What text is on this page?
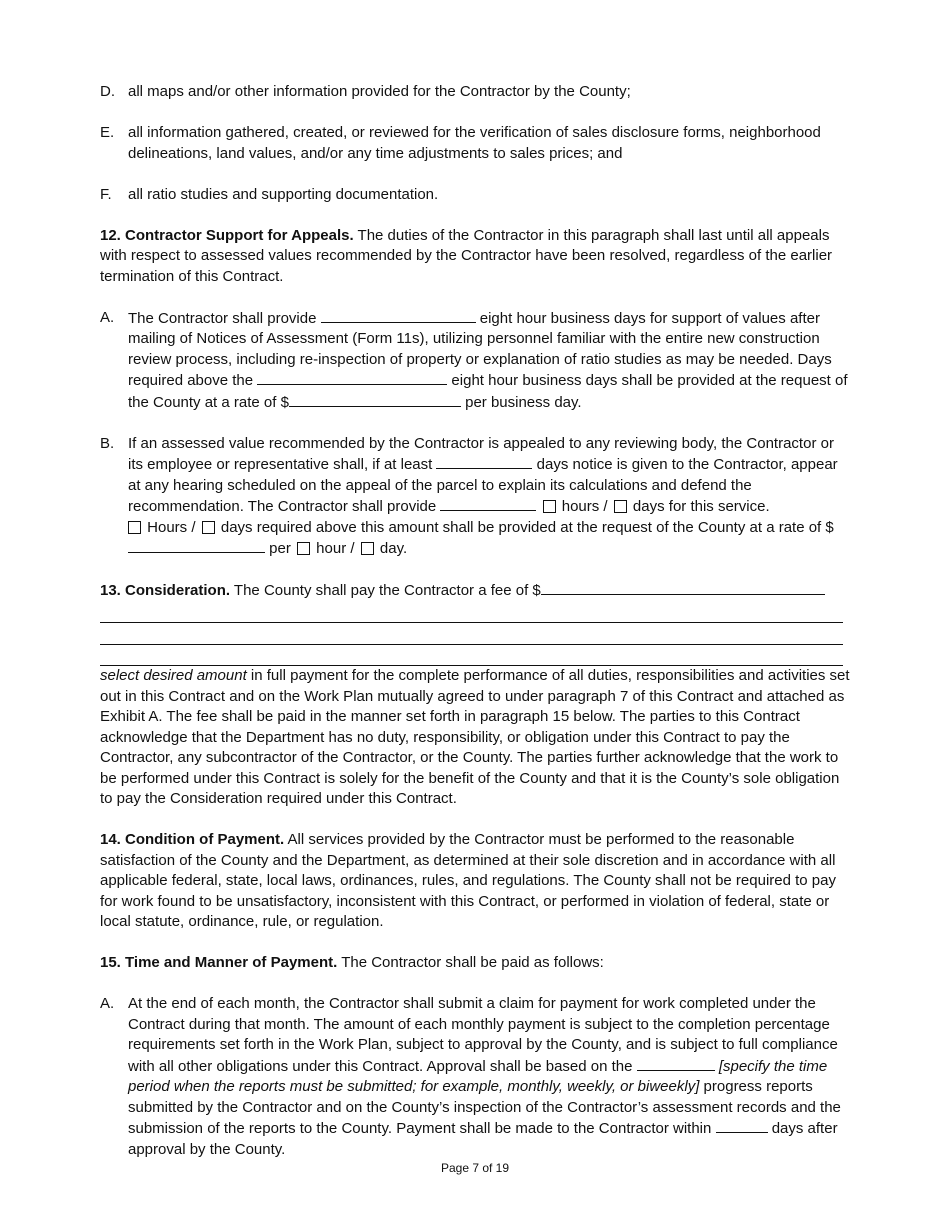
D. all maps and/or other information provided for the Contractor by the County;
E. all information gathered, created, or reviewed for the verification of sales disclosure forms, neighborhood delineations, land values, and/or any time adjustments to sales prices; and
F. all ratio studies and supporting documentation.

12. Contractor Support for Appeals. The duties of the Contractor in this paragraph shall last until all appeals with respect to assessed values recommended by the Contractor have been resolved, regardless of the earlier termination of this Contract.

A. The Contractor shall provide	eight hour business days for support of values after mailing of Notices of Assessment (Form 11s), utilizing personnel familiar with the entire new construction review process, including re-inspection of property or explanation of ratio studies as may be needed. Days required above the	eight hour business days shall be provided at the request of the County at a rate of $	per business day.
B. If an assessed value recommended by the Contractor is appealed to any reviewing body, the Contractor or its employee or representative shall, if at least	days notice is given to the Contractor, appear at any hearing scheduled on the appeal of the parcel to explain its calculations and defend the recommendation. The Contractor shall provide	hours /  days for this service.
Hours /  days required above this amount shall be provided at the request of the County at a rate of $ per  hour /  day.
13. Consideration. The County shall pay the Contractor a fee of $

select desired amount in full payment for the complete performance of all duties, responsibilities and activities set out in this Contract and on the Work Plan mutually agreed to under paragraph 7 of this Contract and attached as Exhibit A. The fee shall be paid in the manner set forth in paragraph 15 below. The parties to this Contract acknowledge that the Department has no duty, responsibility, or obligation under this Contract to pay the Contractor, any subcontractor of the Contractor, or the County. The parties further acknowledge that the work to be performed under this Contract is solely for the benefit of the County and that it is the County’s sole obligation to pay the Consideration required under this Contract.

14. Condition of Payment. All services provided by the Contractor must be performed to the reasonable satisfaction of the County and the Department, as determined at their sole discretion and in accordance with all applicable federal, state, local laws, ordinances, rules, and regulations. The County shall not be required to pay for work found to be unsatisfactory, inconsistent with this Contract, or performed in violation of federal, state or local statute, ordinance, rule, or regulation.

15. Time and Manner of Payment. The Contractor shall be paid as follows:

A. At the end of each month, the Contractor shall submit a claim for payment for work completed under the Contract during that month. The amount of each monthly payment is subject to the completion percentage requirements set forth in the Work Plan, subject to approval by the County, and is subject to full compliance with all other obligations under this Contract. Approval shall be based on the	[specify the time period when the reports must be submitted; for example, monthly, weekly, or biweekly] progress reports submitted by the Contractor and on the County’s inspection of the Contractor’s assessment records and the submission of the reports to the County. Payment shall be made to the Contractor within	days after approval by the County.
Page 7 of 19
